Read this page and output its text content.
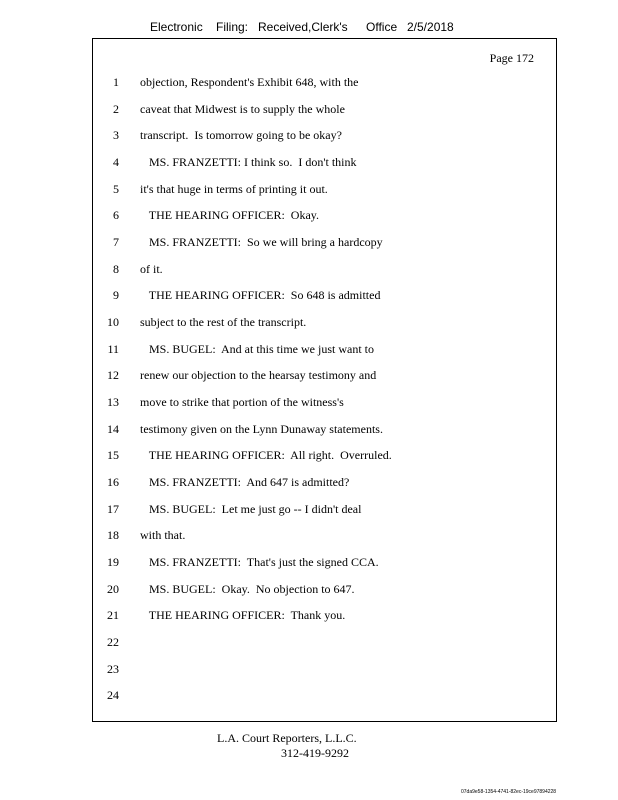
Electronic Filing: Received,Clerk's Office 2/5/2018
Page 172
1 objection, Respondent's Exhibit 648, with the
2 caveat that Midwest is to supply the whole
3 transcript.  Is tomorrow going to be okay?
4 MS. FRANZETTI: I think so.  I don't think
5 it's that huge in terms of printing it out.
6 THE HEARING OFFICER:  Okay.
7 MS. FRANZETTI:  So we will bring a hardcopy
8 of it.
9 THE HEARING OFFICER:  So 648 is admitted
10 subject to the rest of the transcript.
11 MS. BUGEL:  And at this time we just want to
12 renew our objection to the hearsay testimony and
13 move to strike that portion of the witness's
14 testimony given on the Lynn Dunaway statements.
15 THE HEARING OFFICER:  All right.  Overruled.
16 MS. FRANZETTI:  And 647 is admitted?
17 MS. BUGEL:  Let me just go -- I didn't deal
18 with that.
19 MS. FRANZETTI:  That's just the signed CCA.
20 MS. BUGEL:  Okay.  No objection to 647.
21 THE HEARING OFFICER:  Thank you.
22
23
24
L.A. Court Reporters, L.L.C.
312-419-9292
07da9e58-1354-4741-82ec-19ce97894228
